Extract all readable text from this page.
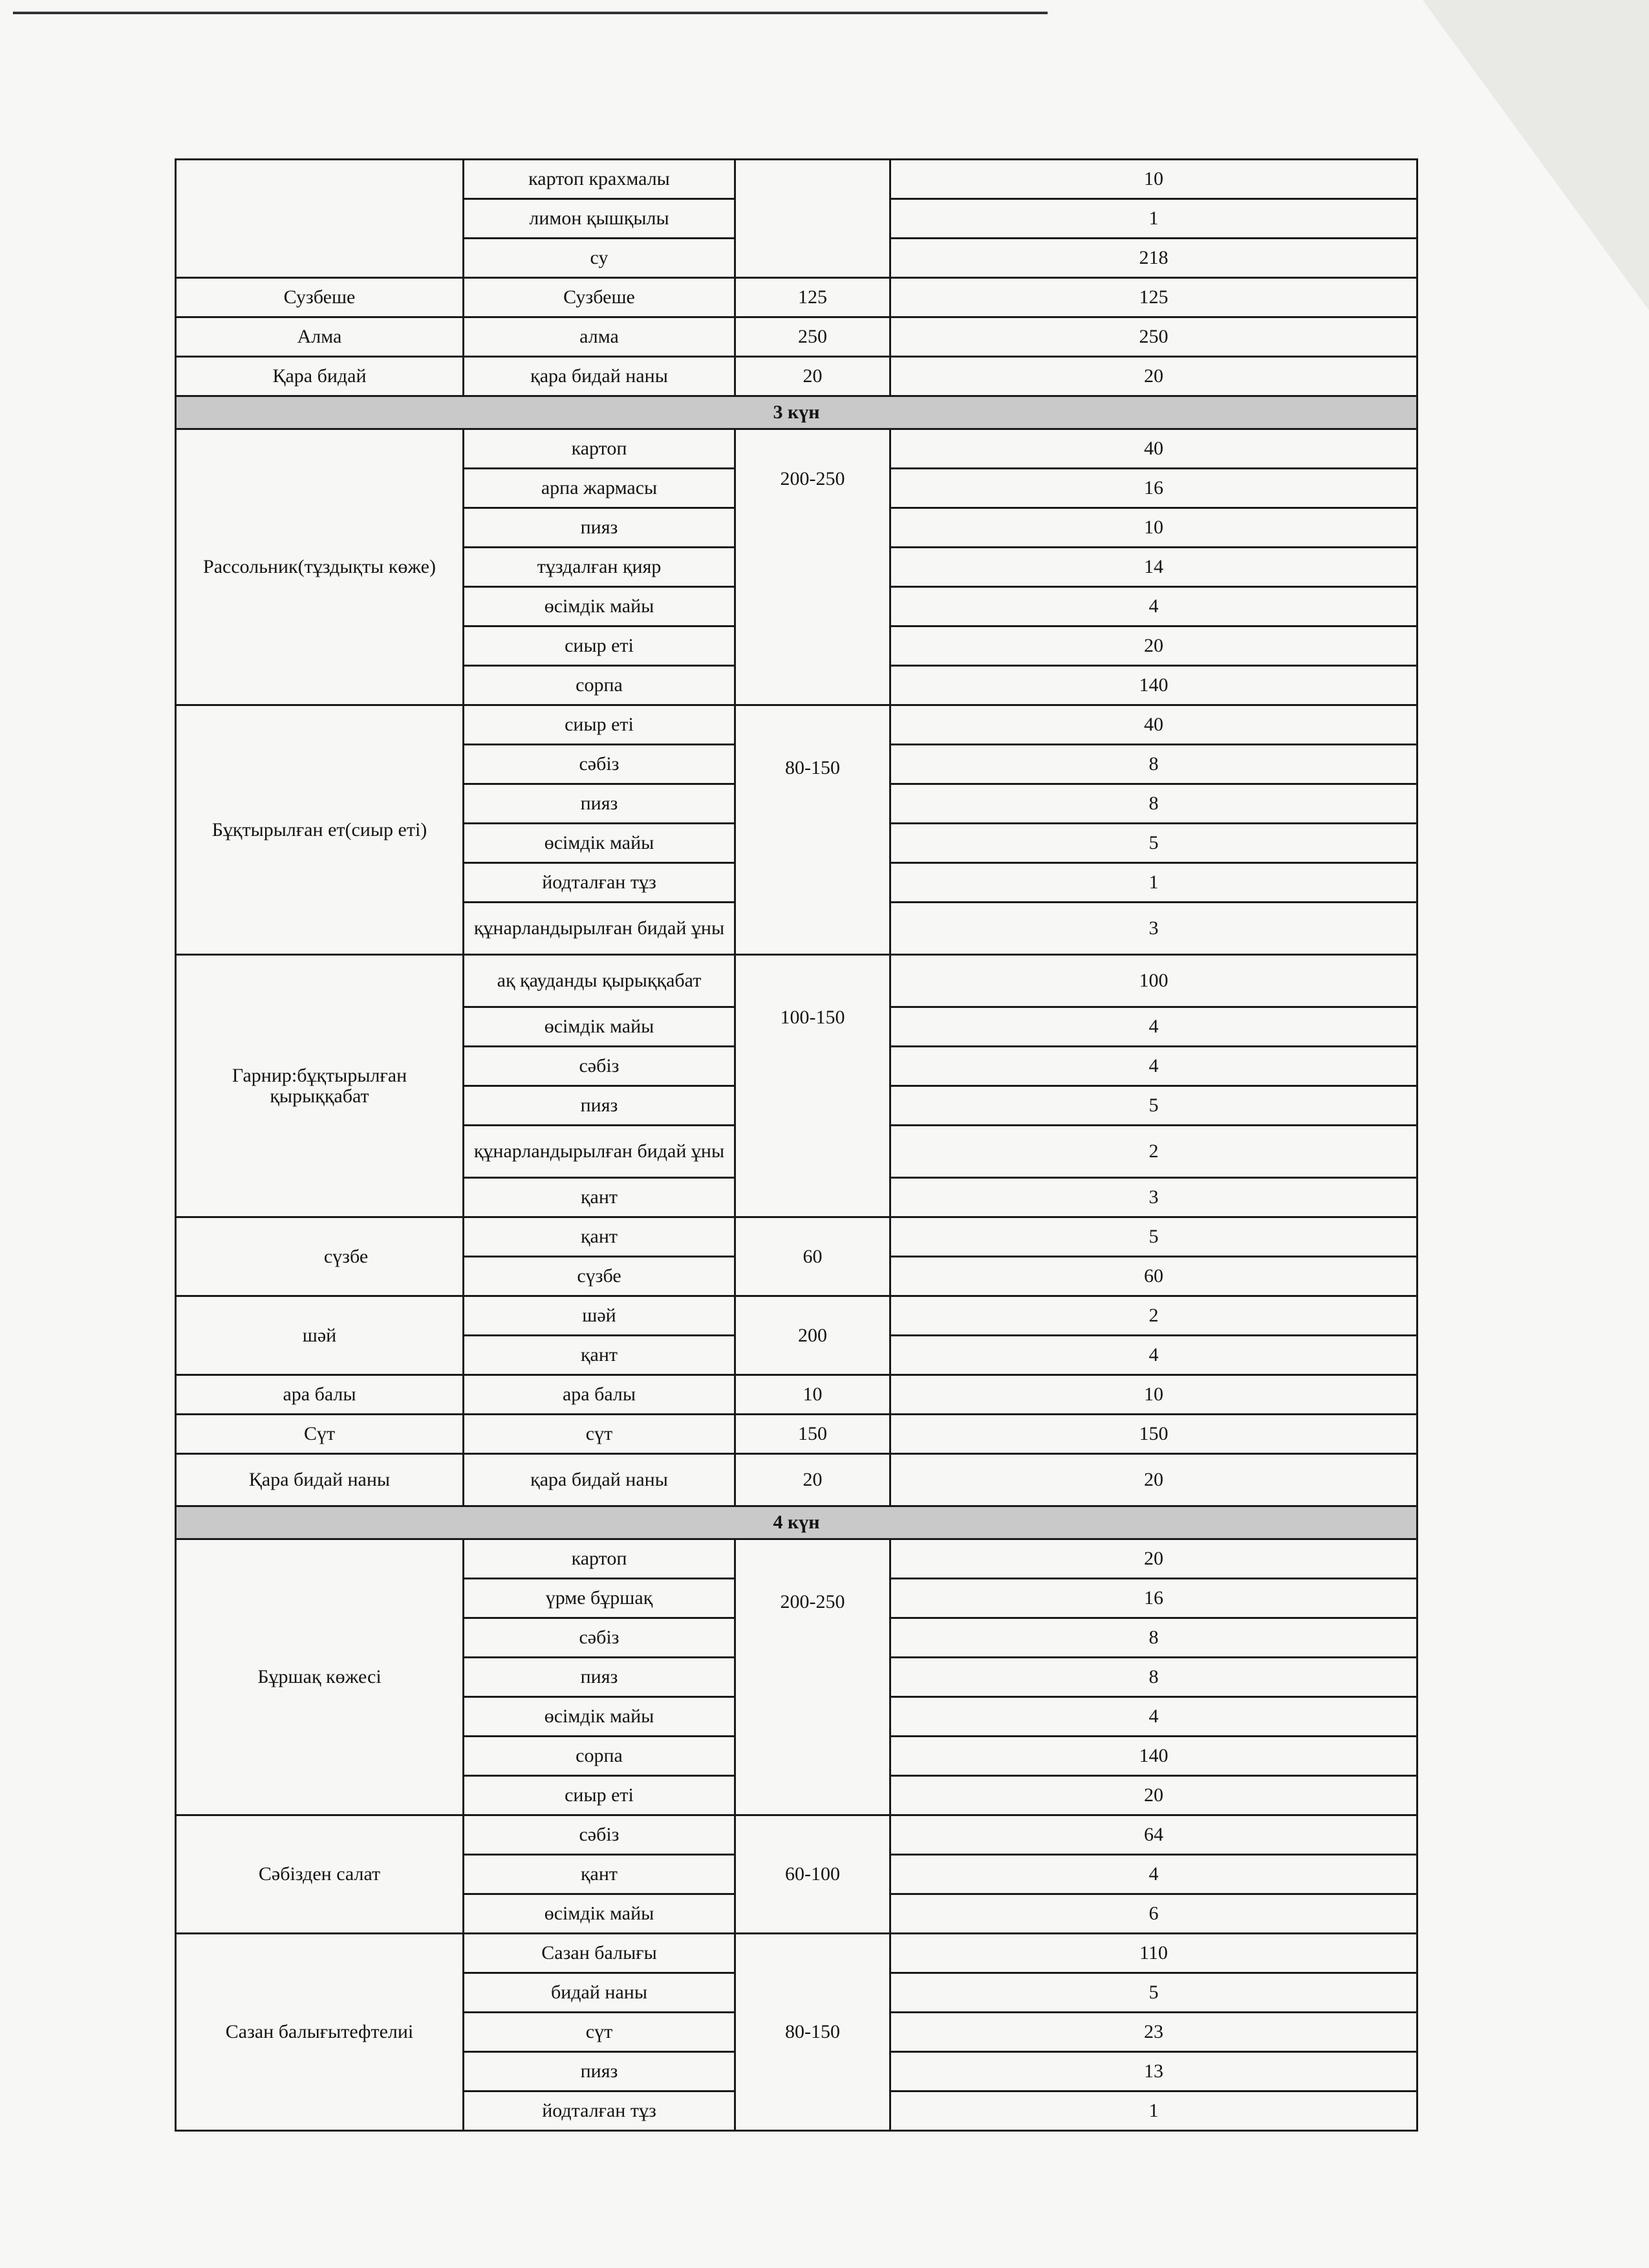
	картоп крахмалы		10
	лимон қышқылы		1
	су		218
Сузбеше	Сузбеше	125	125
Алма	алма	250	250
Қара бидай	қара бидай наны	20	20
3 күн			
Рассольник(тұздықты көже)	картоп	200-250	40
	арпа жармасы		16
	пияз		10
	тұздалған қияр		14
	өсімдік майы		4
	сиыр еті		20
	сорпа		140
Бұқтырылған ет(сиыр еті)	сиыр еті	80-150	40
	сәбіз		8
	пияз		8
	өсімдік майы		5
	йодталған тұз		1
	құнарландырылған бидай ұны		3
Гарнир:бұқтырылған қырыққабат	ақ қауданды қырыққабат	100-150	100
	өсімдік майы		4
	сәбіз		4
	пияз		5
	құнарландырылған бидай ұны		2
	қант		3
сүзбе	қант	60	5
	сүзбе		60
шәй	шәй	200	2
	қант		4
ара балы	ара балы	10	10
Сүт	сүт	150	150
Қара бидай наны	қара бидай наны	20	20
4 күн			
Бұршақ көжесі	картоп	200-250	20
	үрме бұршақ		16
	сәбіз		8
	пияз		8
	өсімдік майы		4
	сорпа		140
	сиыр еті		20
Сәбізден салат	сәбіз	60-100	64
	қант		4
	өсімдік майы		6
Сазан балығытефтелиі	Сазан балығы	80-150	110
	бидай наны		5
	сүт		23
	пияз		13
	йодталған тұз		1
